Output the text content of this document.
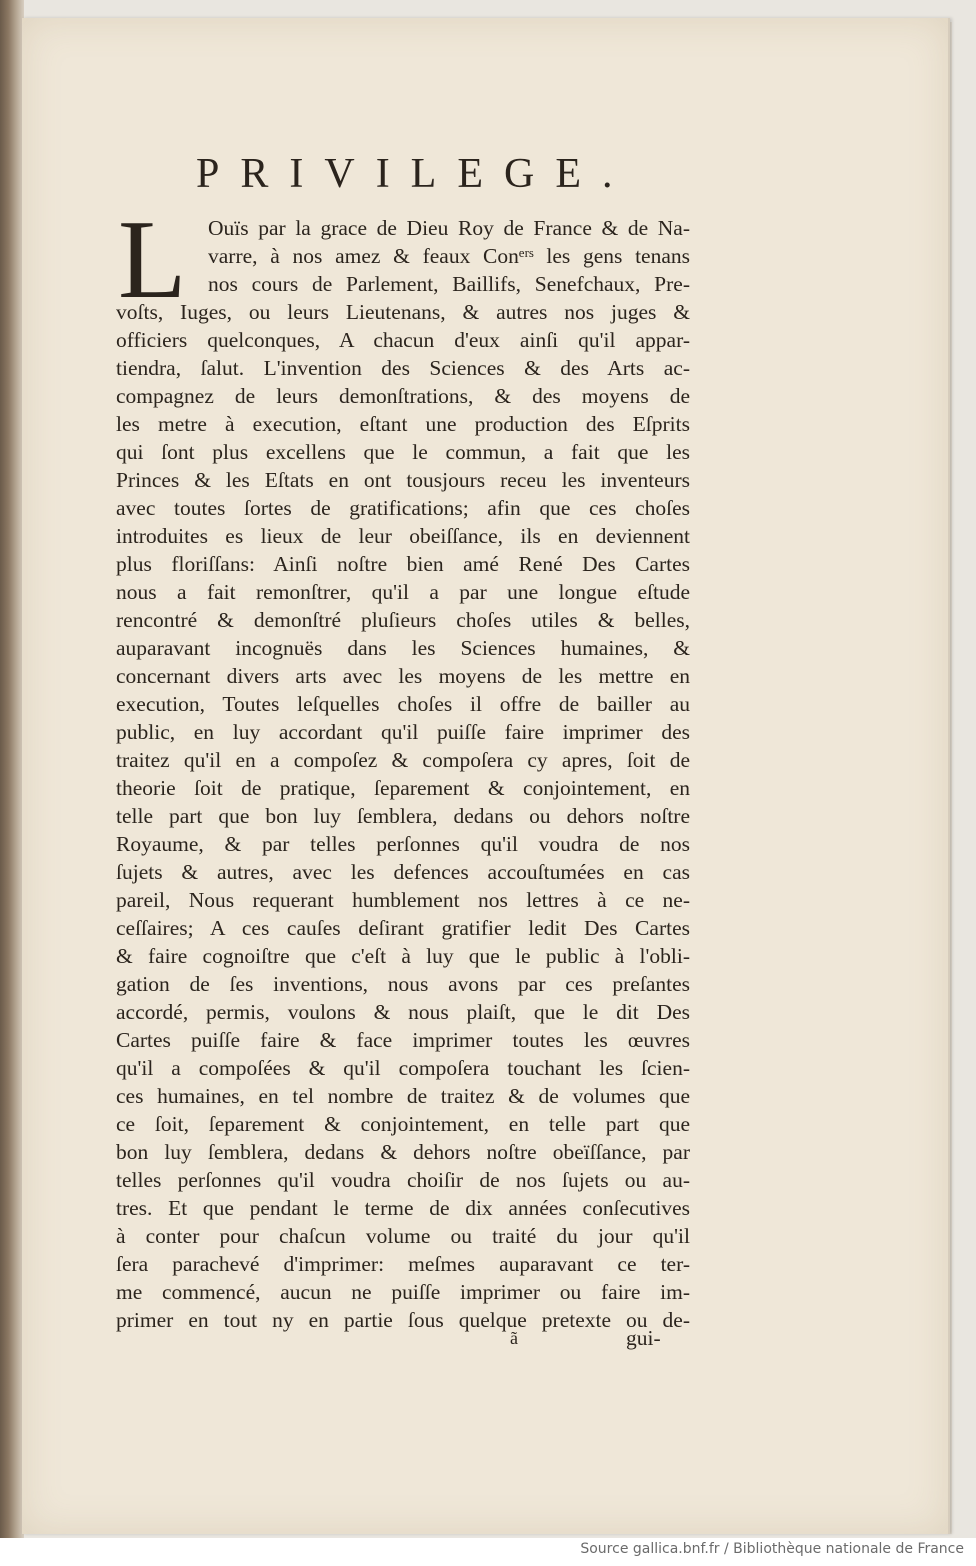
PRIVILEGE.
L Ouïs par la grace de Dieu Roy de France & de Na-
varre, à nos amez & feaux Conᵉʳˢ les gens tenans
nos cours de Parlement, Baillifs, Senefchaux, Pre-
voſts, Iuges, ou leurs Lieutenans, & autres nos juges &
officiers quelconques, A chacun d'eux ainſi qu'il appar-
tiendra, ſalut. L'invention des Sciences & des Arts ac-
compagnez de leurs demonſtrations, & des moyens de
les metre à execution, eſtant une production des Eſprits
qui ſont plus excellens que le commun, a fait que les
Princes & les Eſtats en ont tousjours receu les inventeurs
avec toutes ſortes de gratifications; afin que ces choſes
introduites es lieux de leur obeiſſance, ils en deviennent
plus floriſſans: Ainſi noſtre bien amé René Des Cartes
nous a fait remonſtrer, qu'il a par une longue eſtude
rencontré & demonſtré pluſieurs choſes utiles & belles,
auparavant incognuës dans les Sciences humaines, &
concernant divers arts avec les moyens de les mettre en
execution, Toutes leſquelles choſes il offre de bailler au
public, en luy accordant qu'il puiſſe faire imprimer des
traitez qu'il en a compoſez & compoſera cy apres, ſoit de
theorie ſoit de pratique, ſeparement & conjointement, en
telle part que bon luy ſemblera, dedans ou dehors noſtre
Royaume, & par telles perſonnes qu'il voudra de nos
ſujets & autres, avec les defences accouſtumées en cas
pareil, Nous requerant humblement nos lettres à ce ne-
ceſſaires; A ces cauſes deſirant gratifier ledit Des Cartes
& faire cognoiſtre que c'eſt à luy que le public à l'obli-
gation de ſes inventions, nous avons par ces preſantes
accordé, permis, voulons & nous plaiſt, que le dit Des
Cartes puiſſe faire & face imprimer toutes les œuvres
qu'il a compoſées & qu'il compoſera touchant les ſcien-
ces humaines, en tel nombre de traitez & de volumes que
ce ſoit, ſeparement & conjointement, en telle part que
bon luy ſemblera, dedans & dehors noſtre obeïſſance, par
telles perſonnes qu'il voudra choiſir de nos ſujets ou au-
tres. Et que pendant le terme de dix années conſecutives
à conter pour chaſcun volume ou traité du jour qu'il
ſera parachevé d'imprimer: meſmes auparavant ce ter-
me commencé, aucun ne puiſſe imprimer ou faire im-
primer en tout ny en partie ſous quelque pretexte ou de-
ã	gui-
Source gallica.bnf.fr / Bibliothèque nationale de France
